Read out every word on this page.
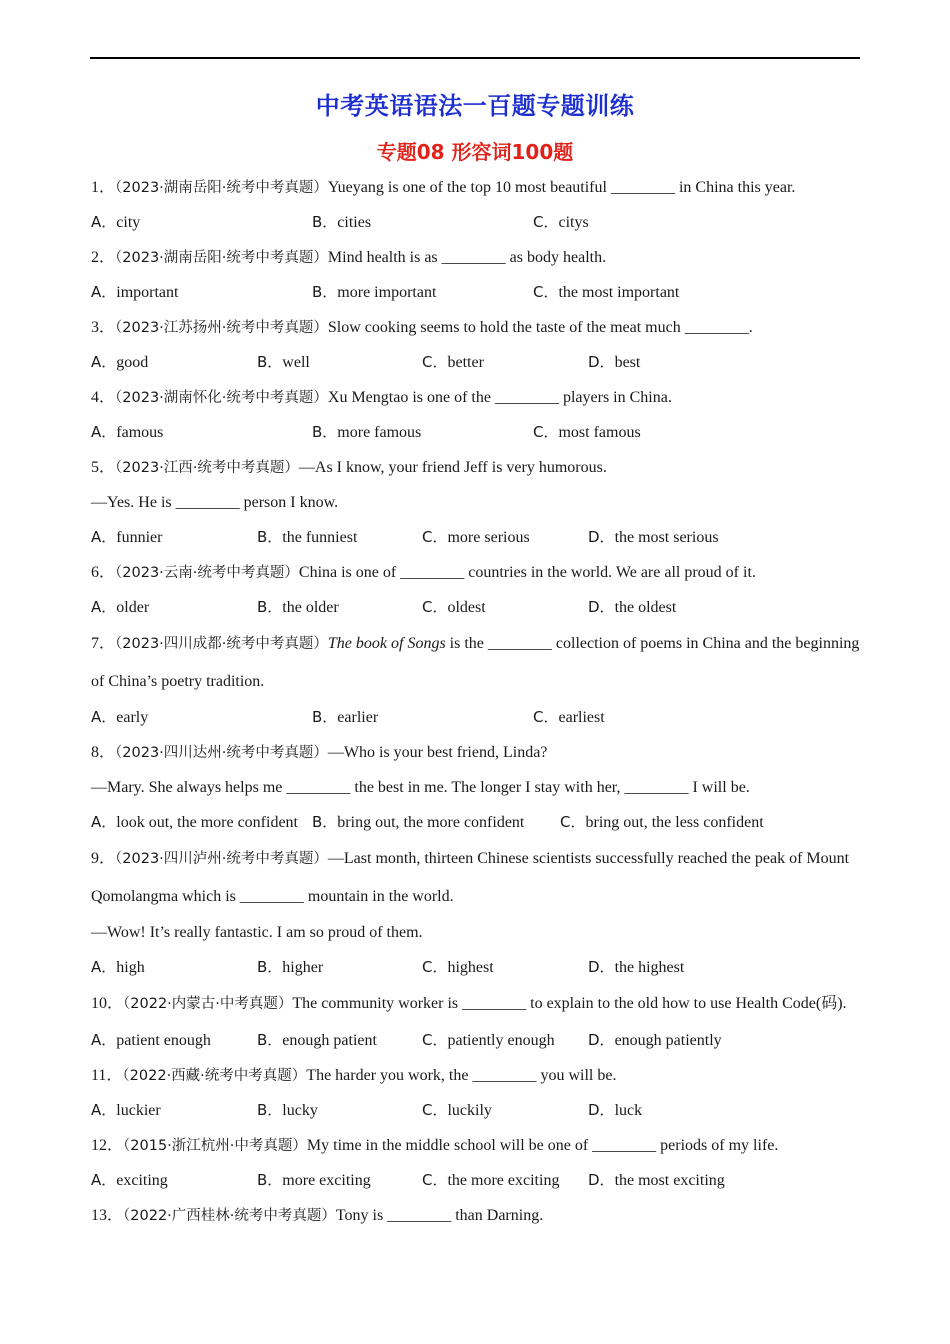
中考英语语法一百题专题训练
专题08 形容词100题
1．（2023·湖南岳阳·统考中考真题）Yueyang is one of the top 10 most beautiful ________ in China this year.
A．city	B．cities	C．citys
2．（2023·湖南岳阳·统考中考真题）Mind health is as ________ as body health.
A．important	B．more important	C．the most important
3．（2023·江苏扬州·统考中考真题）Slow cooking seems to hold the taste of the meat much ________.
A．good	B．well	C．better	D．best
4．（2023·湖南怀化·统考中考真题）Xu Mengtao is one of the ________ players in China.
A．famous	B．more famous	C．most famous
5．（2023·江西·统考中考真题）—As I know, your friend Jeff is very humorous.
—Yes. He is ________ person I know.
A．funnier	B．the funniest	C．more serious	D．the most serious
6．（2023·云南·统考中考真题）China is one of ________ countries in the world. We are all proud of it.
A．older	B．the older	C．oldest	D．the oldest
7．（2023·四川成都·统考中考真题）The book of Songs is the ________ collection of poems in China and the beginning of China’s poetry tradition.
A．early	B．earlier	C．earliest
8．（2023·四川达州·统考中考真题）—Who is your best friend, Linda?
—Mary. She always helps me ________ the best in me. The longer I stay with her, ________ I will be.
A．look out, the more confident B．bring out, the more confident C．bring out, the less confident
9．（2023·四川泸州·统考中考真题）—Last month, thirteen Chinese scientists successfully reached the peak of Mount Qomolangma which is ________ mountain in the world.
—Wow! It’s really fantastic. I am so proud of them.
A．high	B．higher	C．highest	D．the highest
10．（2022·内蒙古·中考真题）The community worker is ________ to explain to the old how to use Health Code(码).
A．patient enough	B．enough patient	C．patiently enough D．enough patiently
11．（2022·西藏·统考中考真题）The harder you work, the ________ you will be.
A．luckier	B．lucky	C．luckily	D．luck
12．（2015·浙江杭州·中考真题）My time in the middle school will be one of ________ periods of my life.
A．exciting	B．more exciting	C．the more exciting D．the most exciting
13．（2022·广西桂林·统考中考真题）Tony is ________ than Darning.
